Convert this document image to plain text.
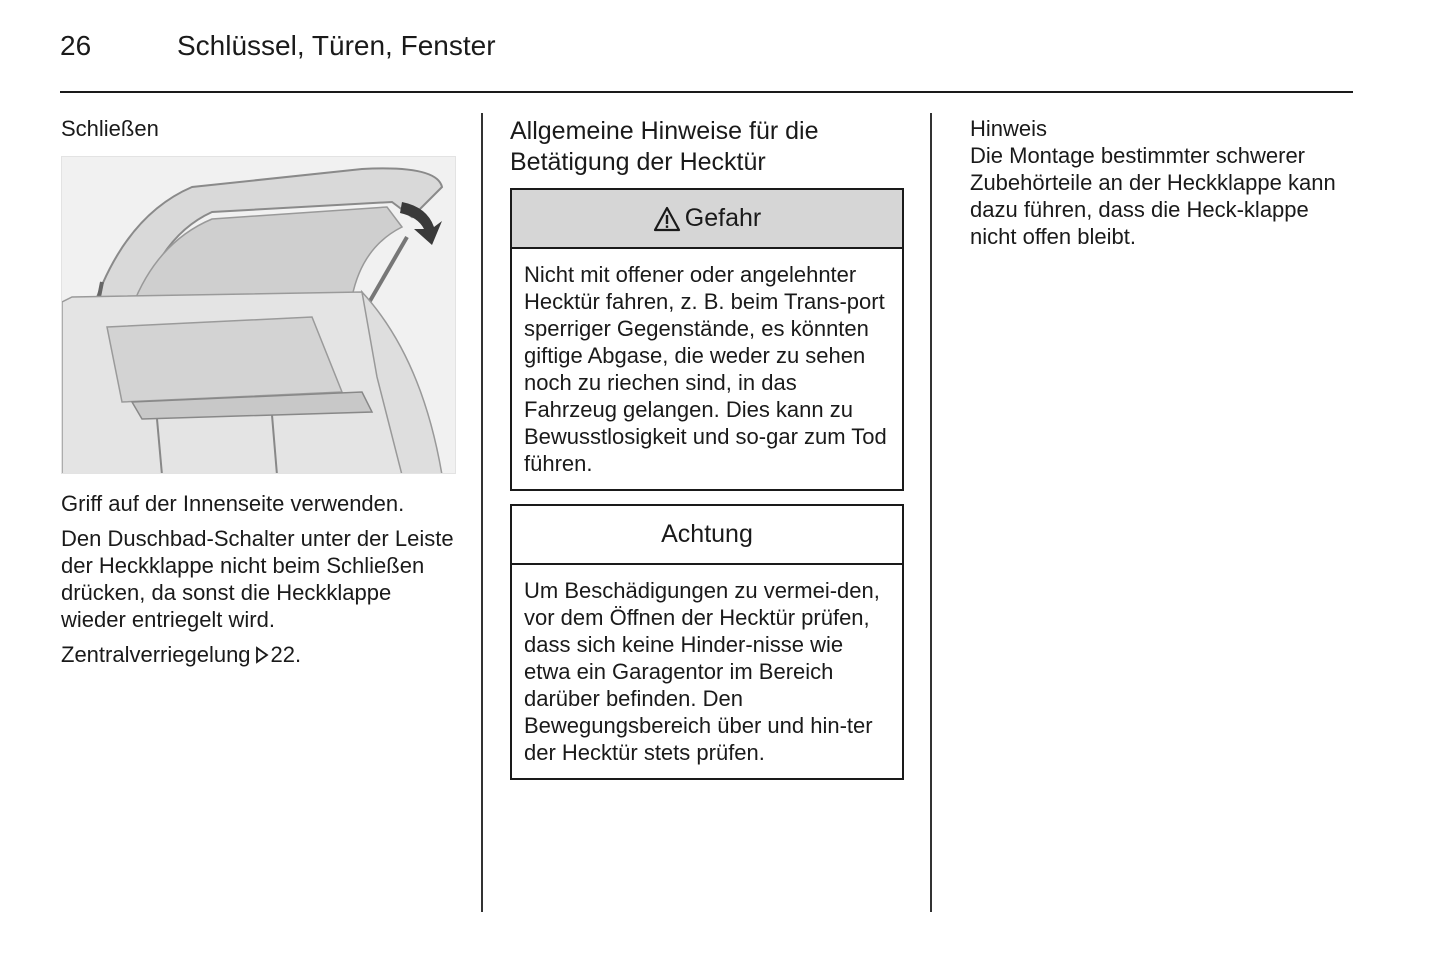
26	Schlüssel, Türen, Fenster

Schließen

Griff auf der Innenseite verwenden.

Den Duschbad-Schalter unter der Leiste der Heckklappe nicht beim Schließen drücken, da sonst die Heckklappe wieder entriegelt wird.

Zentralverriegelung 22.

Allgemeine Hinweise für die Betätigung der Hecktür
Gefahr
Nicht mit offener oder angelehnter Hecktür fahren, z. B. beim Trans-port sperriger Gegenstände, es könnten giftige Abgase, die weder zu sehen noch zu riechen sind, in das Fahrzeug gelangen. Dies kann zu Bewusstlosigkeit und so-gar zum Tod führen.
Achtung
Um Beschädigungen zu vermei-den, vor dem Öffnen der Hecktür prüfen, dass sich keine Hinder-nisse wie etwa ein Garagentor im Bereich darüber befinden. Den Bewegungsbereich über und hin-ter der Hecktür stets prüfen.

Hinweis

Die Montage bestimmter schwerer Zubehörteile an der Heckklappe kann dazu führen, dass die Heck-klappe nicht offen bleibt.
